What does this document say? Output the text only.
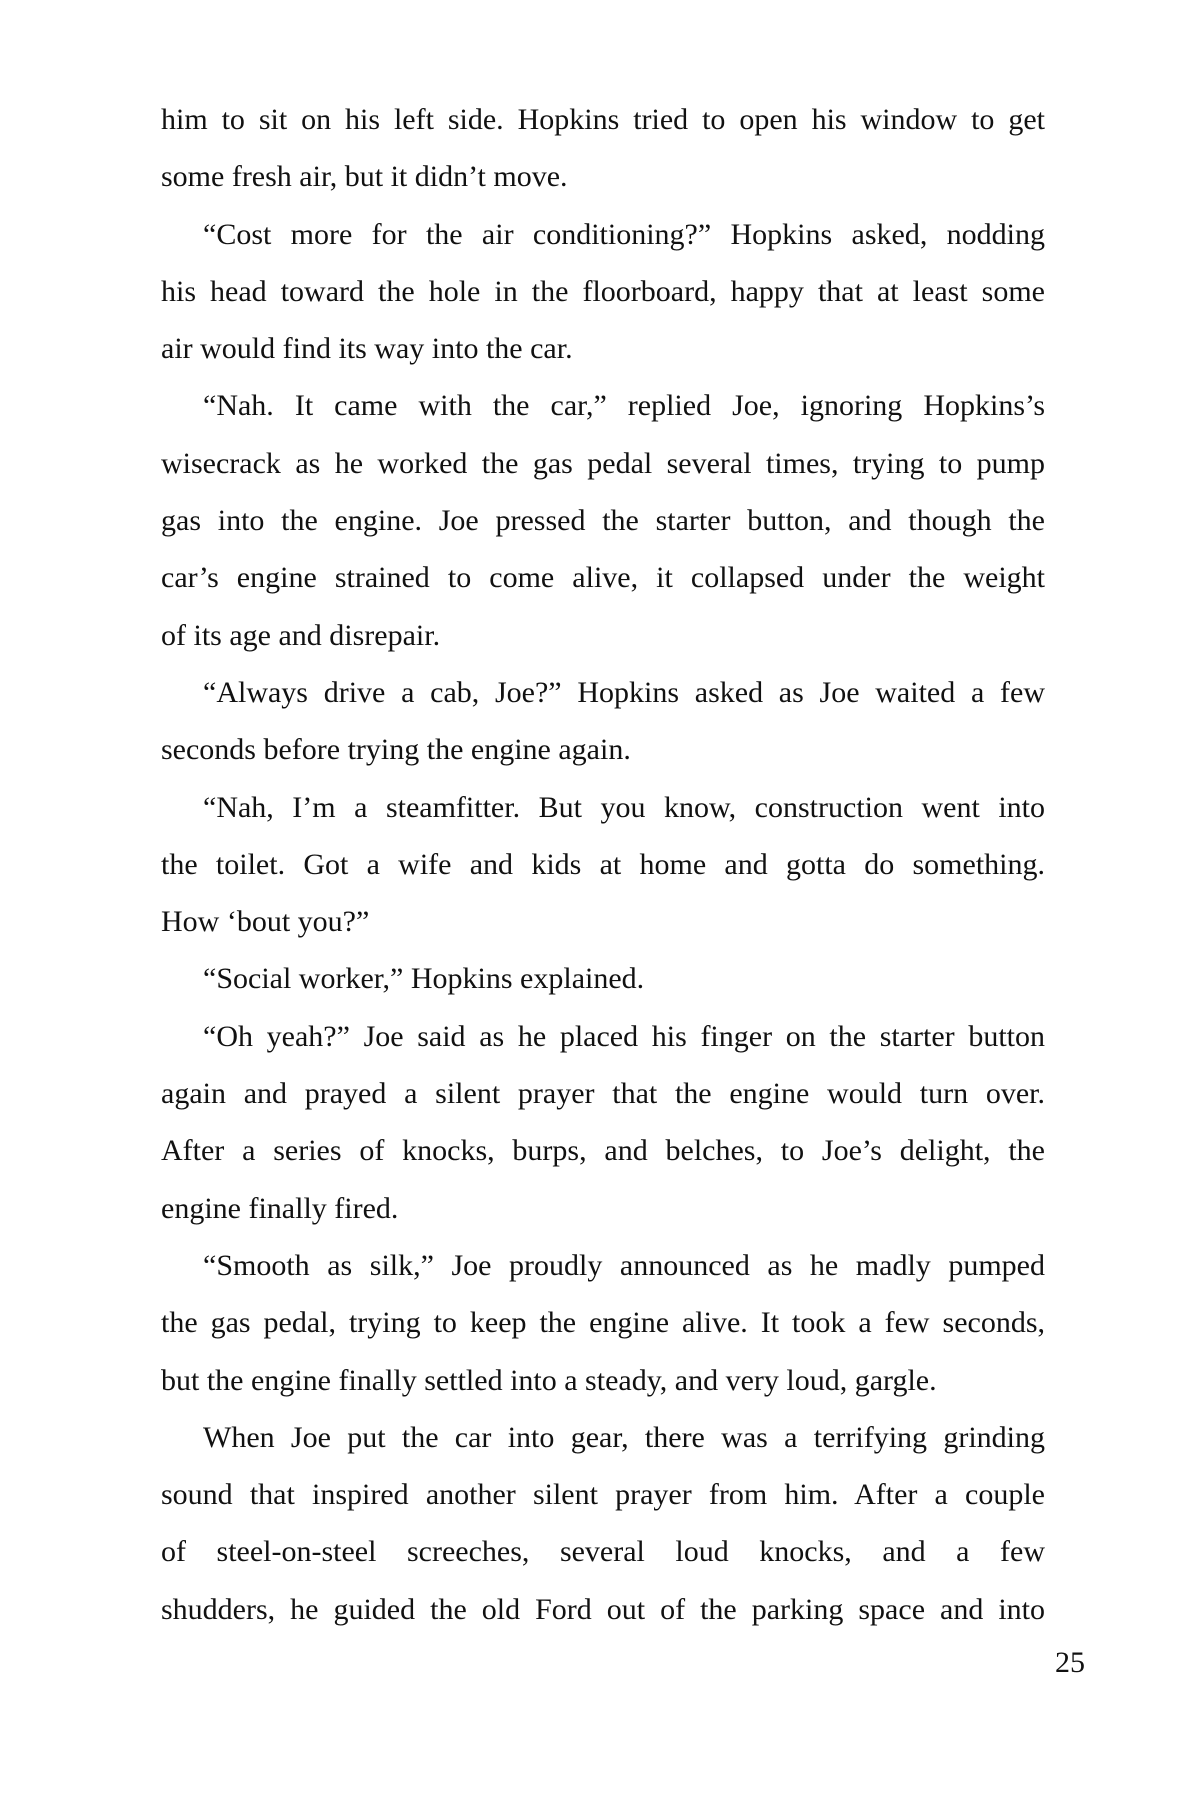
him to sit on his left side. Hopkins tried to open his window to get
some fresh air, but it didn’t move.
“Cost more for the air conditioning?” Hopkins asked, nodding
his head toward the hole in the floorboard, happy that at least some
air would find its way into the car.
“Nah. It came with the car,” replied Joe, ignoring Hopkins’s
wisecrack as he worked the gas pedal several times, trying to pump
gas into the engine. Joe pressed the starter button, and though the
car’s engine strained to come alive, it collapsed under the weight
of its age and disrepair.
“Always drive a cab, Joe?” Hopkins asked as Joe waited a few
seconds before trying the engine again.
“Nah, I’m a steamfitter. But you know, construction went into
the toilet. Got a wife and kids at home and gotta do something.
How ‘bout you?”
“Social worker,” Hopkins explained.
“Oh yeah?” Joe said as he placed his finger on the starter button
again and prayed a silent prayer that the engine would turn over.
After a series of knocks, burps, and belches, to Joe’s delight, the
engine finally fired.
“Smooth as silk,” Joe proudly announced as he madly pumped
the gas pedal, trying to keep the engine alive. It took a few seconds,
but the engine finally settled into a steady, and very loud, gargle.
When Joe put the car into gear, there was a terrifying grinding
sound that inspired another silent prayer from him. After a couple
of steel-on-steel screeches, several loud knocks, and a few
shudders, he guided the old Ford out of the parking space and into
25
